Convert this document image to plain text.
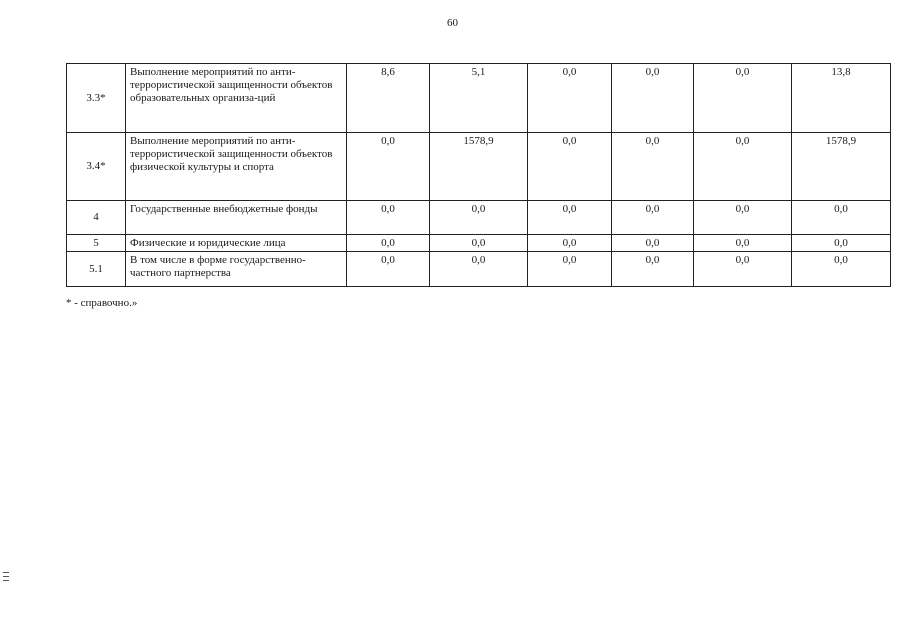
60
3.3*	Выполнение мероприятий по анти-террористической защищенности объектов образовательных организа-ций	8,6	5,1	0,0	0,0	0,0	13,8
3.4*	Выполнение мероприятий по анти-террористической защищенности объектов физической культуры и спорта	0,0	1578,9	0,0	0,0	0,0	1578,9
4	Государственные внебюджетные фонды	0,0	0,0	0,0	0,0	0,0	0,0
5	Физические и юридические лица	0,0	0,0	0,0	0,0	0,0	0,0
5.1	В том числе в форме государственно-частного партнерства	0,0	0,0	0,0	0,0	0,0	0,0
* - справочно.»
